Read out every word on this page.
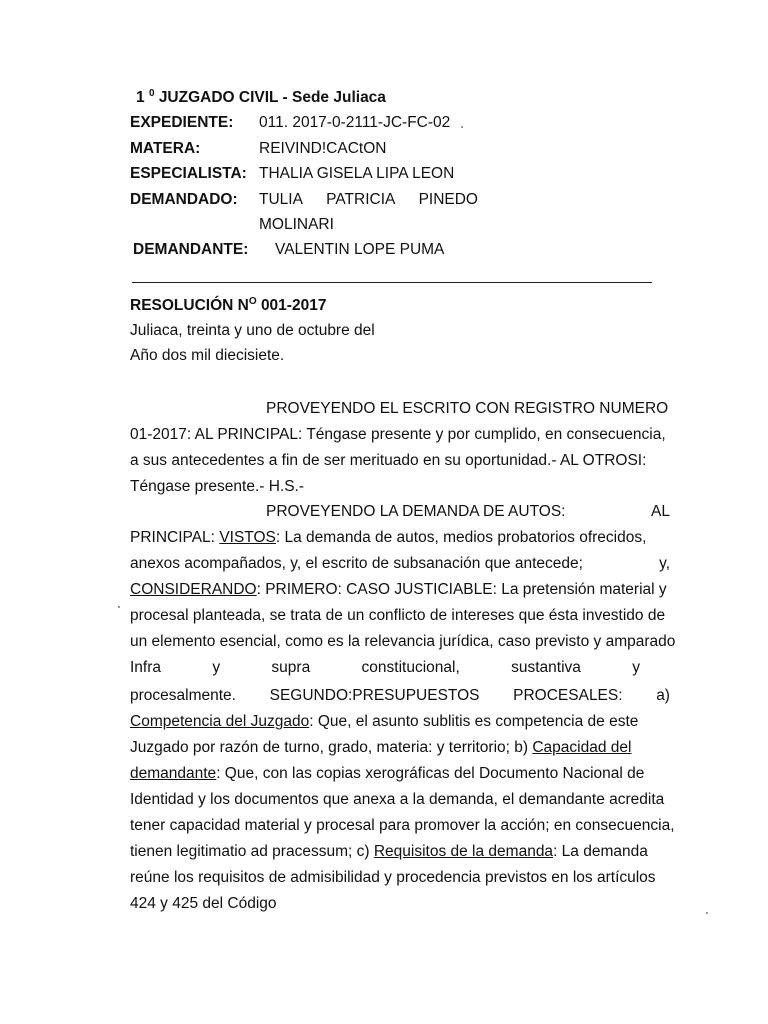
1 $^0$ JUZGADO CIVIL - Sede Juliaca
EXPEDIENTE: 011. 2017-0-2111-JC-FC-02
MATERA:	REIVIND!CACtON
ESPECIALISTA: THALIA GISELA LIPA LEON
DEMANDADO: TULIA PATRICIA PINEDO
MOLINARI
DEMANDANTE: VALENTIN LOPE PUMA
RESOLUCIÓN $N^O$ 001-2017
Juliaca, treinta y uno de octubre del
Año dos mil diecisiete.
PROVEYENDO EL ESCRITO CON REGISTRO NUMERO
01-2017: AL PRINCIPAL: Téngase presente y por cumplido, en consecuencia,
a sus antecedentes a fin de ser merituado en su oportunidad.- AL OTROSI:
Téngase presente.- H.S.-
PROVEYENDO LA DEMANDA DE AUTOS:	AL
PRINCIPAL:
VISTOS : La demanda de autos, medios probatorios ofrecidos,
anexos acompañados, y, el escrito de subsanación que antecede;	y,
CONSIDERANDO : PRIMERO: CASO JUSTICIABLE: La pretensión material y
procesal planteada, se trata de un conflicto de intereses que ésta investido de
un elemento esencial, como es la relevancia jurídica, caso previsto y amparado
Infra	y	supra	constitucional,	sustantiva	y
procesalmente. SEGUNDO:PRESUPUESTOS PROCESALES: a)
Competencia del Juzgado : Que, el asunto sublitis es competencia de este
Juzgado por razón de turno, grado, materia: y territorio; b)
Capacidad del
demandante : Que, con las copias xerográficas del Documento Nacional de
Identidad y los documentos que anexa a la demanda, el demandante acredita
tener capacidad material y procesal para promover la acción; en consecuencia,
tienen legitimatio ad pracessum; c)
Requisitos de la demanda : La demanda
reúne los requisitos de admisibilidad y procedencia previstos en los artículos
424 y 425 del Código
